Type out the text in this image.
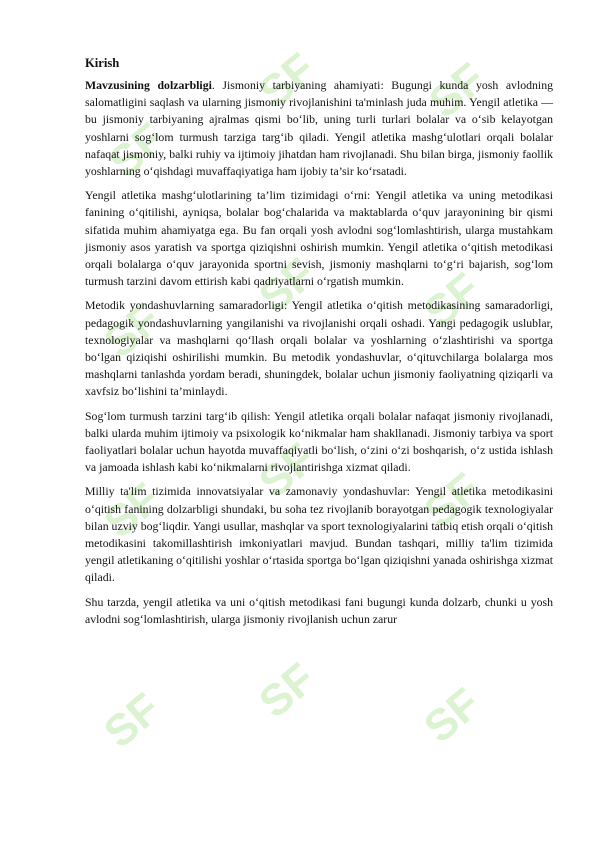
SF
SF SF
SF
SF SF
SF
SF SF
SF SF SF
Kirish

Mavzusining dolzarbligi. Jismoniy tarbiyaning ahamiyati: Bugungi kunda yosh avlodning salomatligini saqlash va ularning jismoniy rivojlanishini ta'minlash juda muhim. Yengil atletika — bu jismoniy tarbiyaning ajralmas qismi bo‘lib, uning turli turlari bolalar va o‘sib kelayotgan yoshlarni sog‘lom turmush tarziga targ‘ib qiladi. Yengil atletika mashg‘ulotlari orqali bolalar nafaqat jismoniy, balki ruhiy va ijtimoiy jihatdan ham rivojlanadi. Shu bilan birga, jismoniy faollik yoshlarning o‘qishdagi muvaffaqiyatiga ham ijobiy ta’sir ko‘rsatadi.

Yengil atletika mashg‘ulotlarining ta’lim tizimidagi o‘rni: Yengil atletika va uning metodikasi fanining o‘qitilishi, ayniqsa, bolalar bog‘chalarida va maktablarda o‘quv jarayonining bir qismi sifatida muhim ahamiyatga ega. Bu fan orqali yosh avlodni sog‘lomlashtirish, ularga mustahkam jismoniy asos yaratish va sportga qiziqishni oshirish mumkin. Yengil atletika o‘qitish metodikasi orqali bolalarga o‘quv jarayonida sportni sevish, jismoniy mashqlarni to‘g‘ri bajarish, sog‘lom turmush tarzini davom ettirish kabi qadriyatlarni o‘rgatish mumkin.

Metodik yondashuvlarning samaradorligi: Yengil atletika o‘qitish metodikasining samaradorligi, pedagogik yondashuvlarning yangilanishi va rivojlanishi orqali oshadi. Yangi pedagogik uslublar, texnologiyalar va mashqlarni qo‘llash orqali bolalar va yoshlarning o‘zlashtirishi va sportga bo‘lgan qiziqishi oshirilishi mumkin. Bu metodik yondashuvlar, o‘qituvchilarga bolalarga mos mashqlarni tanlashda yordam beradi, shuningdek, bolalar uchun jismoniy faoliyatning qiziqarli va xavfsiz bo‘lishini ta’minlaydi.

Sog‘lom turmush tarzini targ‘ib qilish: Yengil atletika orqali bolalar nafaqat jismoniy rivojlanadi, balki ularda muhim ijtimoiy va psixologik ko‘nikmalar ham shakllanadi. Jismoniy tarbiya va sport faoliyatlari bolalar uchun hayotda muvaffaqiyatli bo‘lish, o‘zini o‘zi boshqarish, o‘z ustida ishlash va jamoada ishlash kabi ko‘nikmalarni rivojlantirishga xizmat qiladi.

Milliy ta'lim tizimida innovatsiyalar va zamonaviy yondashuvlar: Yengil atletika metodikasini o‘qitish fanining dolzarbligi shundaki, bu soha tez rivojlanib borayotgan pedagogik texnologiyalar bilan uzviy bog‘liqdir. Yangi usullar, mashqlar va sport texnologiyalarini tatbiq etish orqali o‘qitish metodikasini takomillashtirish imkoniyatlari mavjud. Bundan tashqari, milliy ta'lim tizimida yengil atletikaning o‘qitilishi yoshlar o‘rtasida sportga bo‘lgan qiziqishni yanada oshirishga xizmat qiladi.

Shu tarzda, yengil atletika va uni o‘qitish metodikasi fani bugungi kunda dolzarb, chunki u yosh avlodni sog‘lomlashtirish, ularga jismoniy rivojlanish uchun zarur
